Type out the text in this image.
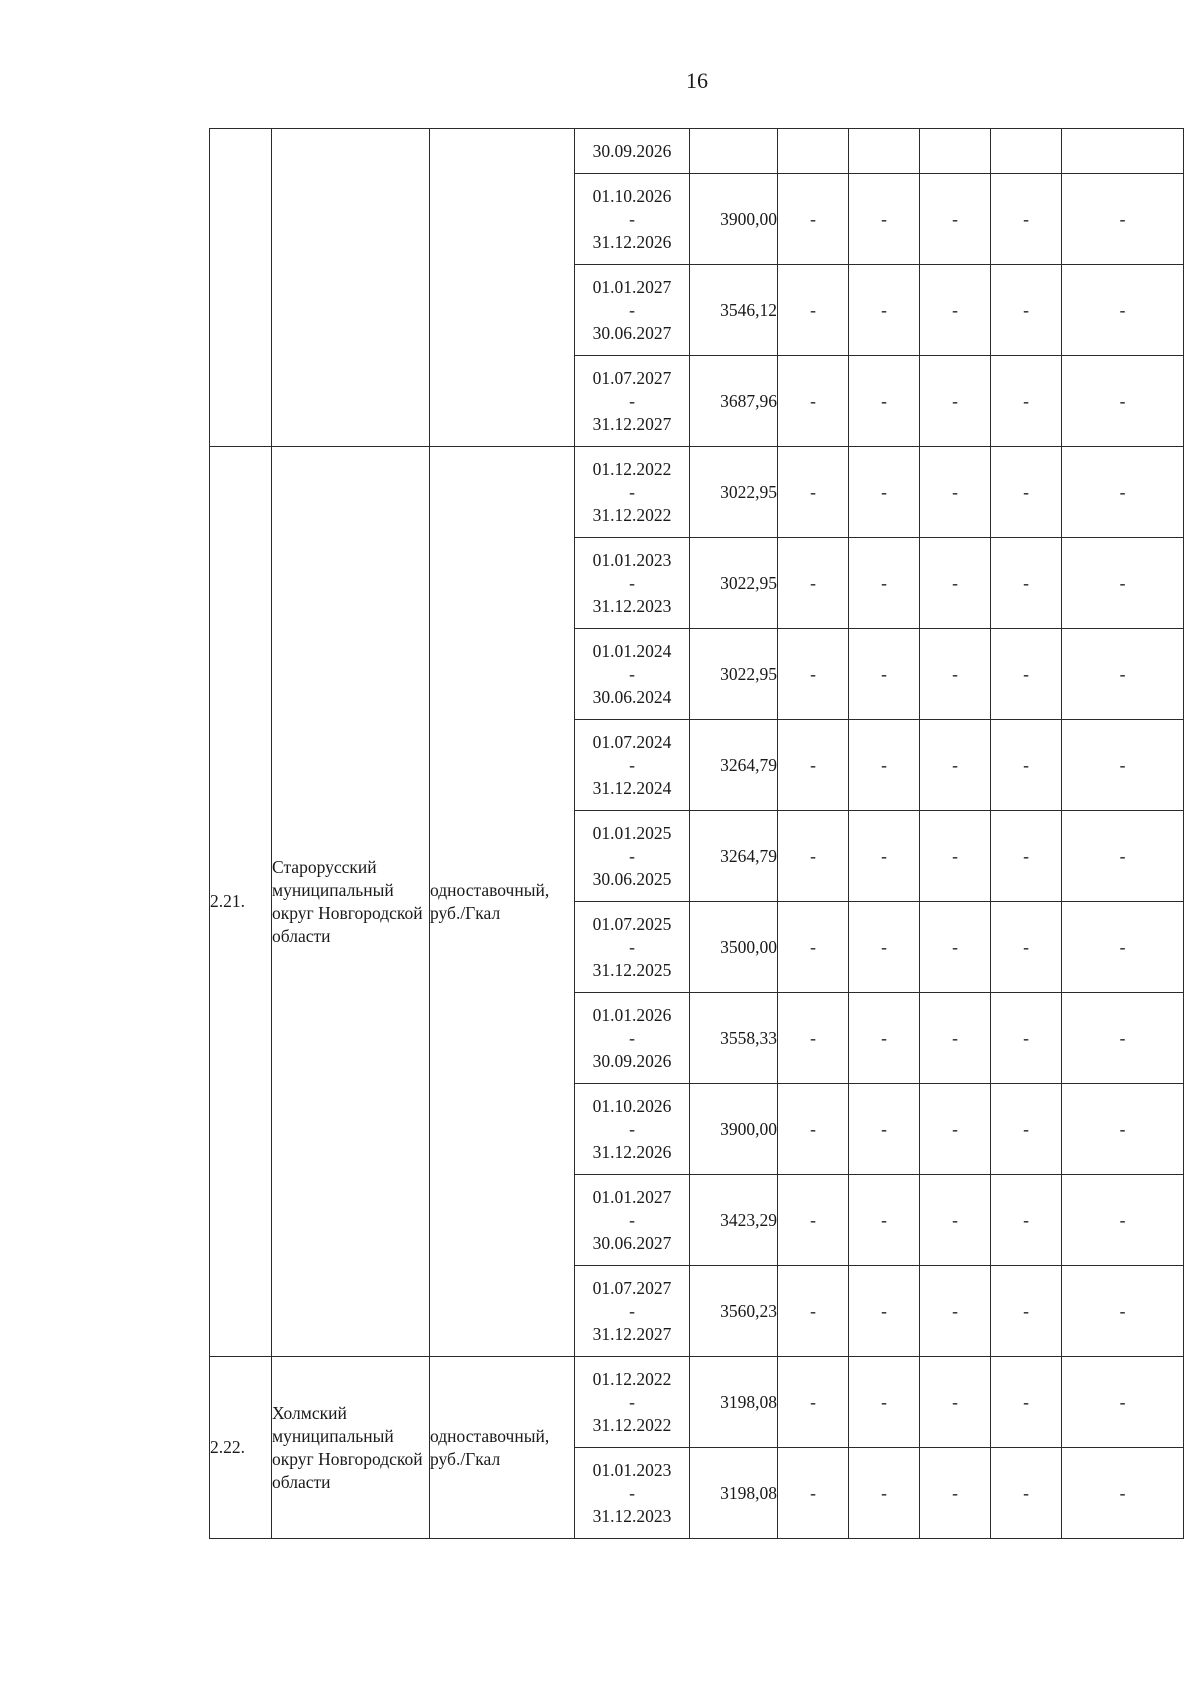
16
			30.09.2026						

			01.10.2026
-
31.12.2026	3900,00	-	-	-	-	-

			01.01.2027
-
30.06.2027	3546,12	-	-	-	-	-

			01.07.2027
-
31.12.2027	3687,96	-	-	-	-	-
2.21.	Старорусский муниципальный округ Новгородской области	одноставочный, руб./Гкал	01.12.2022
-
31.12.2022	3022,95	-	-	-	-	-

			01.01.2023
-
31.12.2023	3022,95	-	-	-	-	-

			01.01.2024
-
30.06.2024	3022,95	-	-	-	-	-

			01.07.2024
-
31.12.2024	3264,79	-	-	-	-	-

			01.01.2025
-
30.06.2025	3264,79	-	-	-	-	-

			01.07.2025
-
31.12.2025	3500,00	-	-	-	-	-

			01.01.2026
-
30.09.2026	3558,33	-	-	-	-	-

			01.10.2026
-
31.12.2026	3900,00	-	-	-	-	-

			01.01.2027
-
30.06.2027	3423,29	-	-	-	-	-

			01.07.2027
-
31.12.2027	3560,23	-	-	-	-	-
2.22.	Холмский муниципальный округ Новгородской области	одноставочный, руб./Гкал	01.12.2022
-
31.12.2022	3198,08	-	-	-	-	-

			01.01.2023
-
31.12.2023	3198,08	-	-	-	-	-
